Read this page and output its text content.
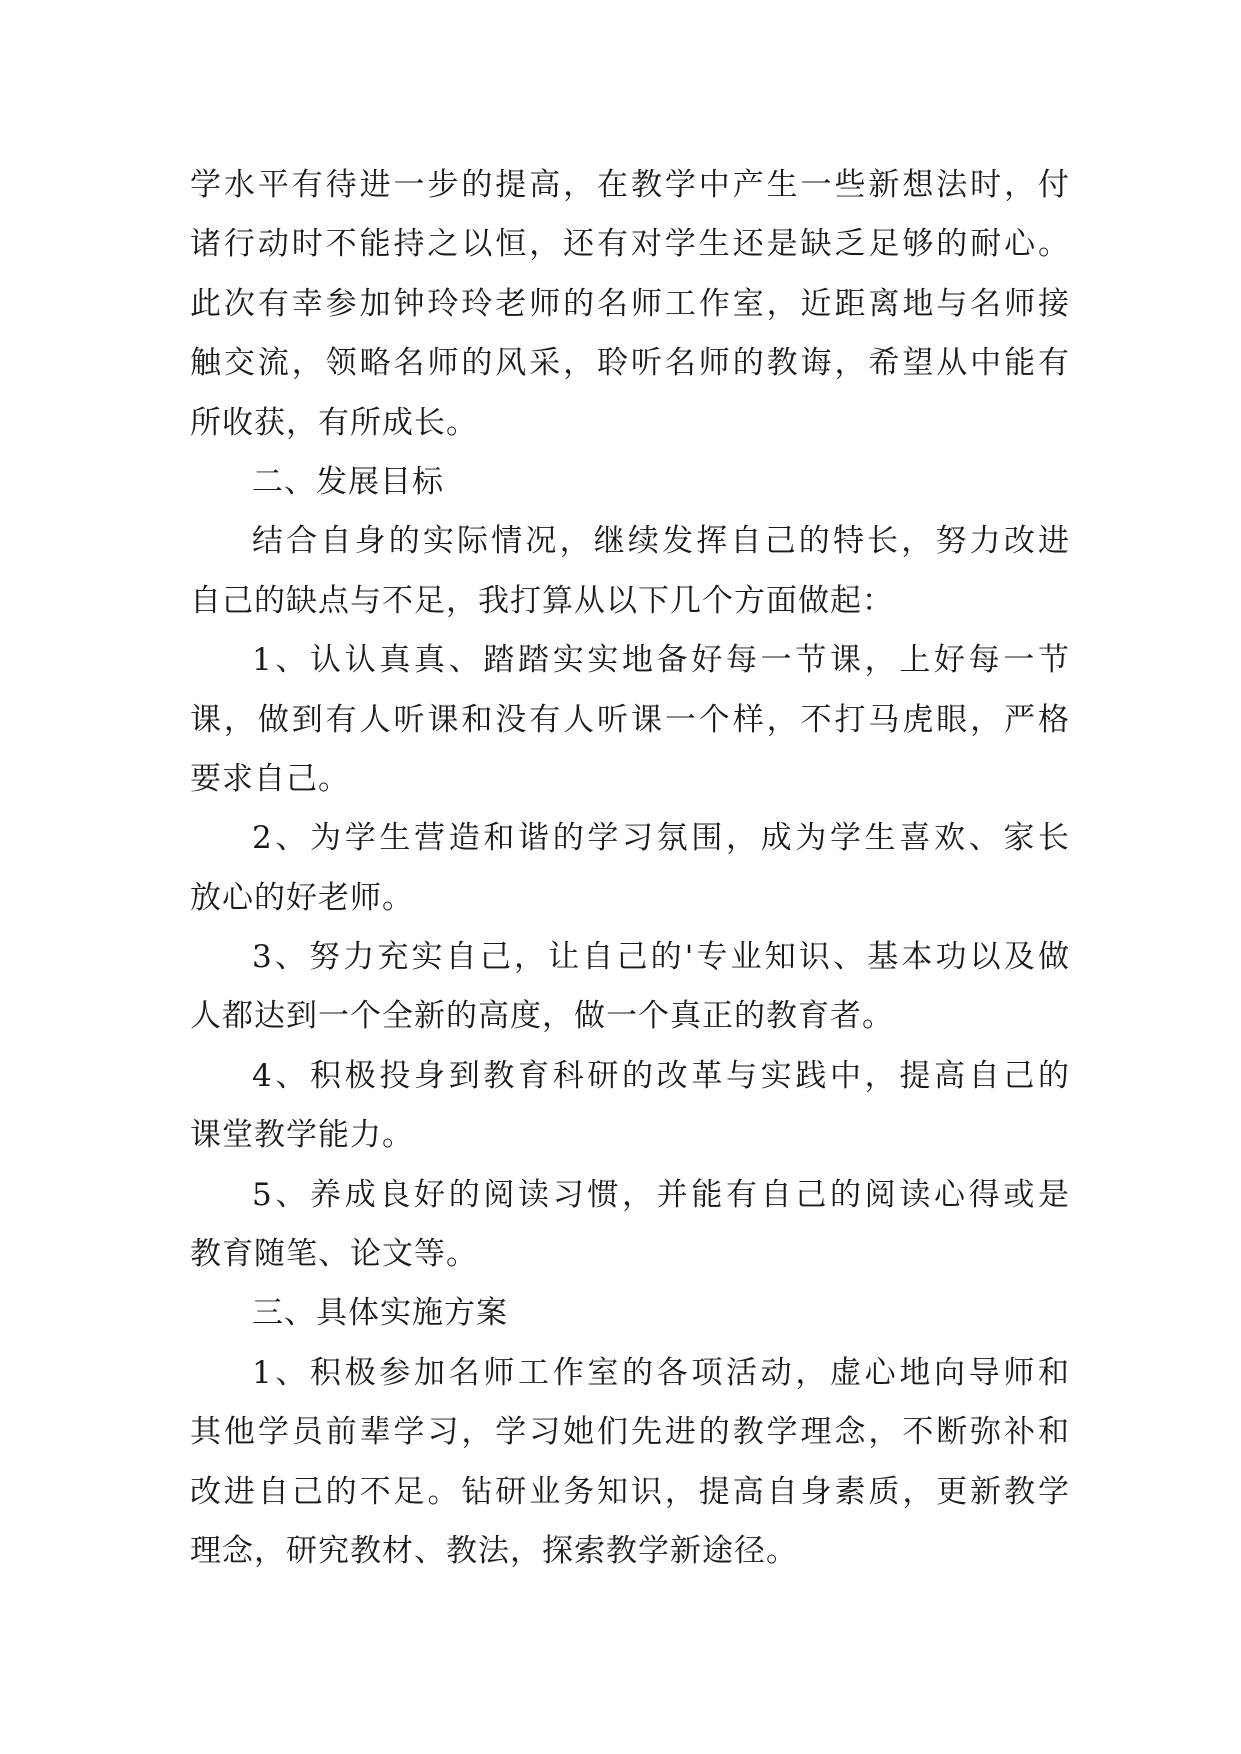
学水平有待进一步的提高，在教学中产生一些新想法时，付
诸行动时不能持之以恒，还有对学生还是缺乏足够的耐心。
此次有幸参加钟玲玲老师的名师工作室，近距离地与名师接
触交流，领略名师的风采，聆听名师的教诲，希望从中能有
所收获，有所成长。
二、发展目标
结合自身的实际情况，继续发挥自己的特长，努力改进
自己的缺点与不足，我打算从以下几个方面做起：
1、认认真真、踏踏实实地备好每一节课，上好每一节
课，做到有人听课和没有人听课一个样，不打马虎眼，严格
要求自己。
2、为学生营造和谐的学习氛围，成为学生喜欢、家长
放心的好老师。
3、努力充实自己，让自己的'专业知识、基本功以及做
人都达到一个全新的高度，做一个真正的教育者。
4、积极投身到教育科研的改革与实践中，提高自己的
课堂教学能力。
5、养成良好的阅读习惯，并能有自己的阅读心得或是
教育随笔、论文等。
三、具体实施方案
1、积极参加名师工作室的各项活动，虚心地向导师和
其他学员前辈学习，学习她们先进的教学理念，不断弥补和
改进自己的不足。钻研业务知识，提高自身素质，更新教学
理念，研究教材、教法，探索教学新途径。
